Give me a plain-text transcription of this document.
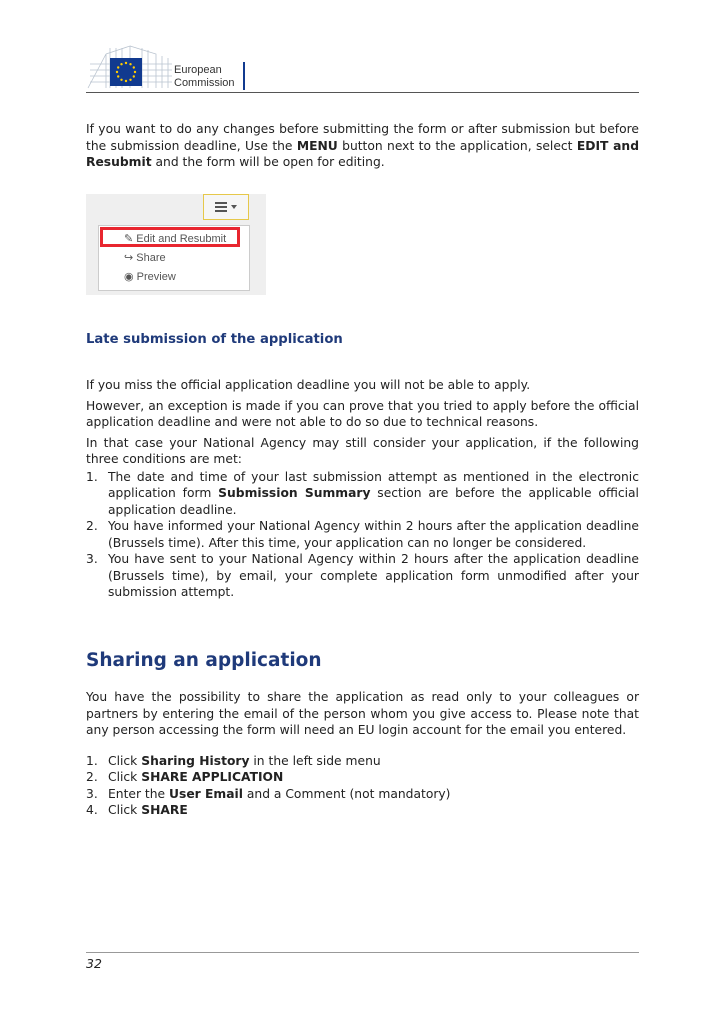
European
Commission

If you want to do any changes before submitting the form or after submission but before the submission deadline, Use the MENU button next to the application, select EDIT and Resubmit and the form will be open for editing.

✎ Edit and Resubmit
↪ Share
◉ Preview
Late submission of the application

If you miss the official application deadline you will not be able to apply.

However, an exception is made if you can prove that you tried to apply before the official application deadline and were not able to do so due to technical reasons.

In that case your National Agency may still consider your application, if the following three conditions are met:

1. The date and time of your last submission attempt as mentioned in the electronic application form Submission Summary section are before the applicable official application deadline.
2. You have informed your National Agency within 2 hours after the application deadline (Brussels time). After this time, your application can no longer be considered.
3. You have sent to your National Agency within 2 hours after the application deadline (Brussels time), by email, your complete application form unmodified after your submission attempt.
Sharing an application

You have the possibility to share the application as read only to your colleagues or partners by entering the email of the person whom you give access to. Please note that any person accessing the form will need an EU login account for the email you entered.

1. Click Sharing History in the left side menu
2. Click SHARE APPLICATION
3. Enter the User Email and a Comment (not mandatory)
4. Click SHARE
32
